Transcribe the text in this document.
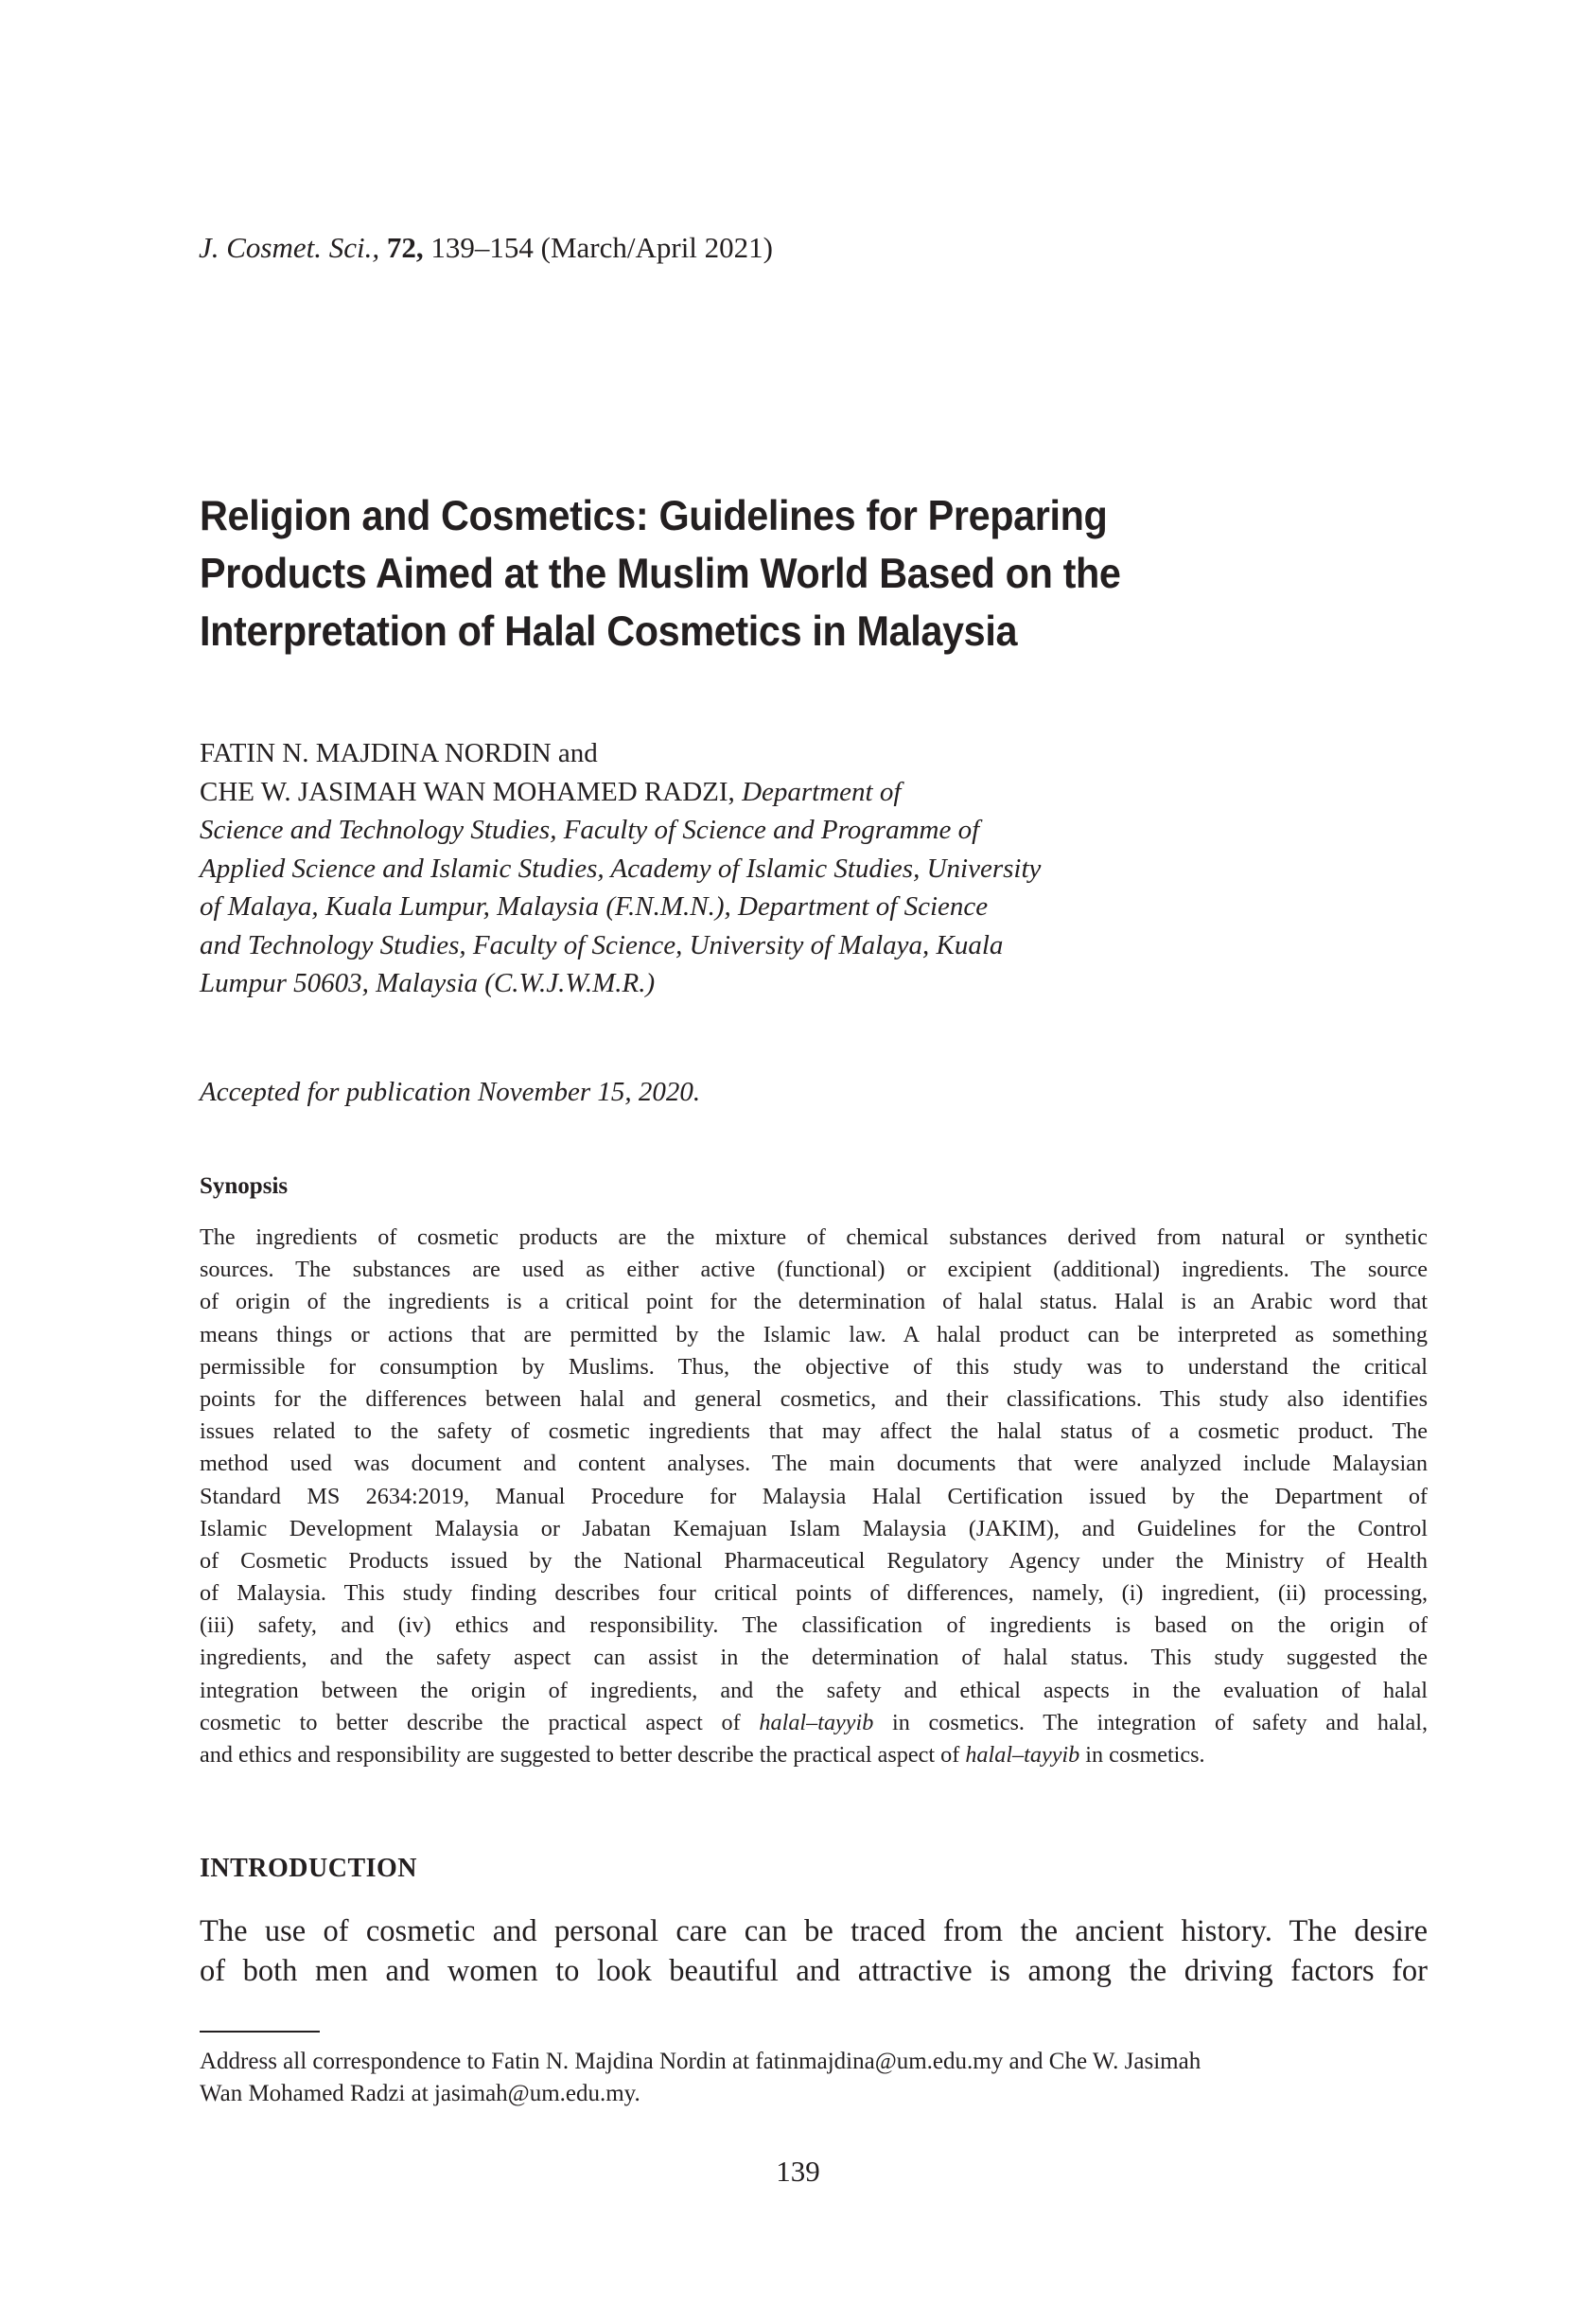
J. Cosmet. Sci., 72, 139–154 (March/April 2021)
Religion and Cosmetics: Guidelines for Preparing
Products Aimed at the Muslim World Based on the
Interpretation of Halal Cosmetics in Malaysia
FATIN N. MAJDINA NORDIN and
CHE W. JASIMAH WAN MOHAMED RADZI, Department of
Science and Technology Studies, Faculty of Science and Programme of
Applied Science and Islamic Studies, Academy of Islamic Studies, University
of Malaya, Kuala Lumpur, Malaysia (F.N.M.N.), Department of Science
and Technology Studies, Faculty of Science, University of Malaya, Kuala
Lumpur 50603, Malaysia (C.W.J.W.M.R.)
Accepted for publication November 15, 2020.
Synopsis
The ingredients of cosmetic products are the mixture of chemical substances derived from natural or synthetic
sources. The substances are used as either active (functional) or excipient (additional) ingredients. The source
of origin of the ingredients is a critical point for the determination of halal status. Halal is an Arabic word that
means things or actions that are permitted by the Islamic law. A halal product can be interpreted as something
permissible for consumption by Muslims. Thus, the objective of this study was to understand the critical
points for the differences between halal and general cosmetics, and their classifications. This study also identifies
issues related to the safety of cosmetic ingredients that may affect the halal status of a cosmetic product. The
method used was document and content analyses. The main documents that were analyzed include Malaysian
Standard MS 2634:2019, Manual Procedure for Malaysia Halal Certification issued by the Department of
Islamic Development Malaysia or Jabatan Kemajuan Islam Malaysia (JAKIM), and Guidelines for the Control
of Cosmetic Products issued by the National Pharmaceutical Regulatory Agency under the Ministry of Health
of Malaysia. This study finding describes four critical points of differences, namely, (i) ingredient, (ii) processing,
(iii) safety, and (iv) ethics and responsibility. The classification of ingredients is based on the origin of
ingredients, and the safety aspect can assist in the determination of halal status. This study suggested the
integration between the origin of ingredients, and the safety and ethical aspects in the evaluation of halal
cosmetic to better describe the practical aspect of halal–tayyib in cosmetics. The integration of safety and halal,
and ethics and responsibility are suggested to better describe the practical aspect of halal–tayyib in cosmetics.
INTRODUCTION
The use of cosmetic and personal care can be traced from the ancient history. The desire
of both men and women to look beautiful and attractive is among the driving factors for
Address all correspondence to Fatin N. Majdina Nordin at fatinmajdina@um.edu.my and Che W. Jasimah
Wan Mohamed Radzi at jasimah@um.edu.my.
139
